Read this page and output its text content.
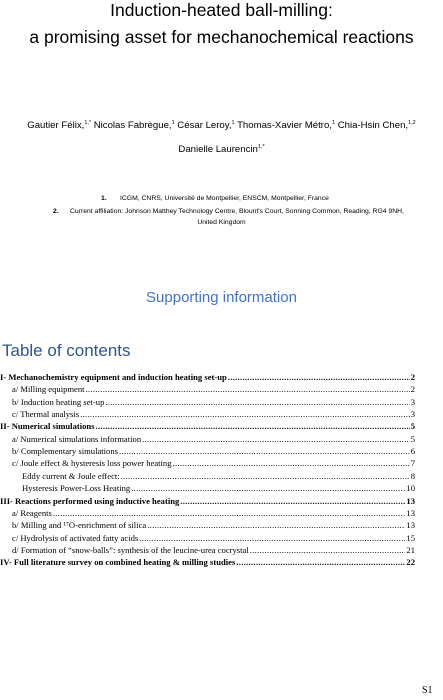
Induction-heated ball-milling:
a promising asset for mechanochemical reactions
Gautier Félix,$^{1,*}$ Nicolas Fabrègue,$^1$ César Leroy,$^1$ Thomas-Xavier Métro,$^1$ Chia-Hsin Chen,$^{1,2}$
Danielle Laurencin$^{1,*}$
1. ICGM, CNRS, Université de Montpellier, ENSCM, Montpellier, France
2. Current affiliation: Johnson Matthey Technology Centre, Blount's Court, Sonning Common, Reading, RG4 9NH,
United Kingdom
Supporting information
Table of contents
I- Mechanochemistry equipment and induction heating set-up .....	2
a/ Milling equipment .....	2
b/ Induction heating set-up .....	3
c/ Thermal analysis .....	3
II- Numerical simulations .....	5
a/ Numerical simulations information .....	5
b/ Complementary simulations .....	6
c/ Joule effect & hysteresis loss power heating .....	7
Eddy current & Joule effect: .....	8
Hysteresis Power-Loss Heating .....	10
III- Reactions performed using inductive heating .....	13
a/ Reagents .....	13
b/ Milling and ¹⁷O-enrichment of silica .....	13
c/ Hydrolysis of activated fatty acids .....	15
d/ Formation of “snow-balls”: synthesis of the leucine-urea cocrystal .....	21
IV- Full literature survey on combined heating & milling studies .....	22
S1
